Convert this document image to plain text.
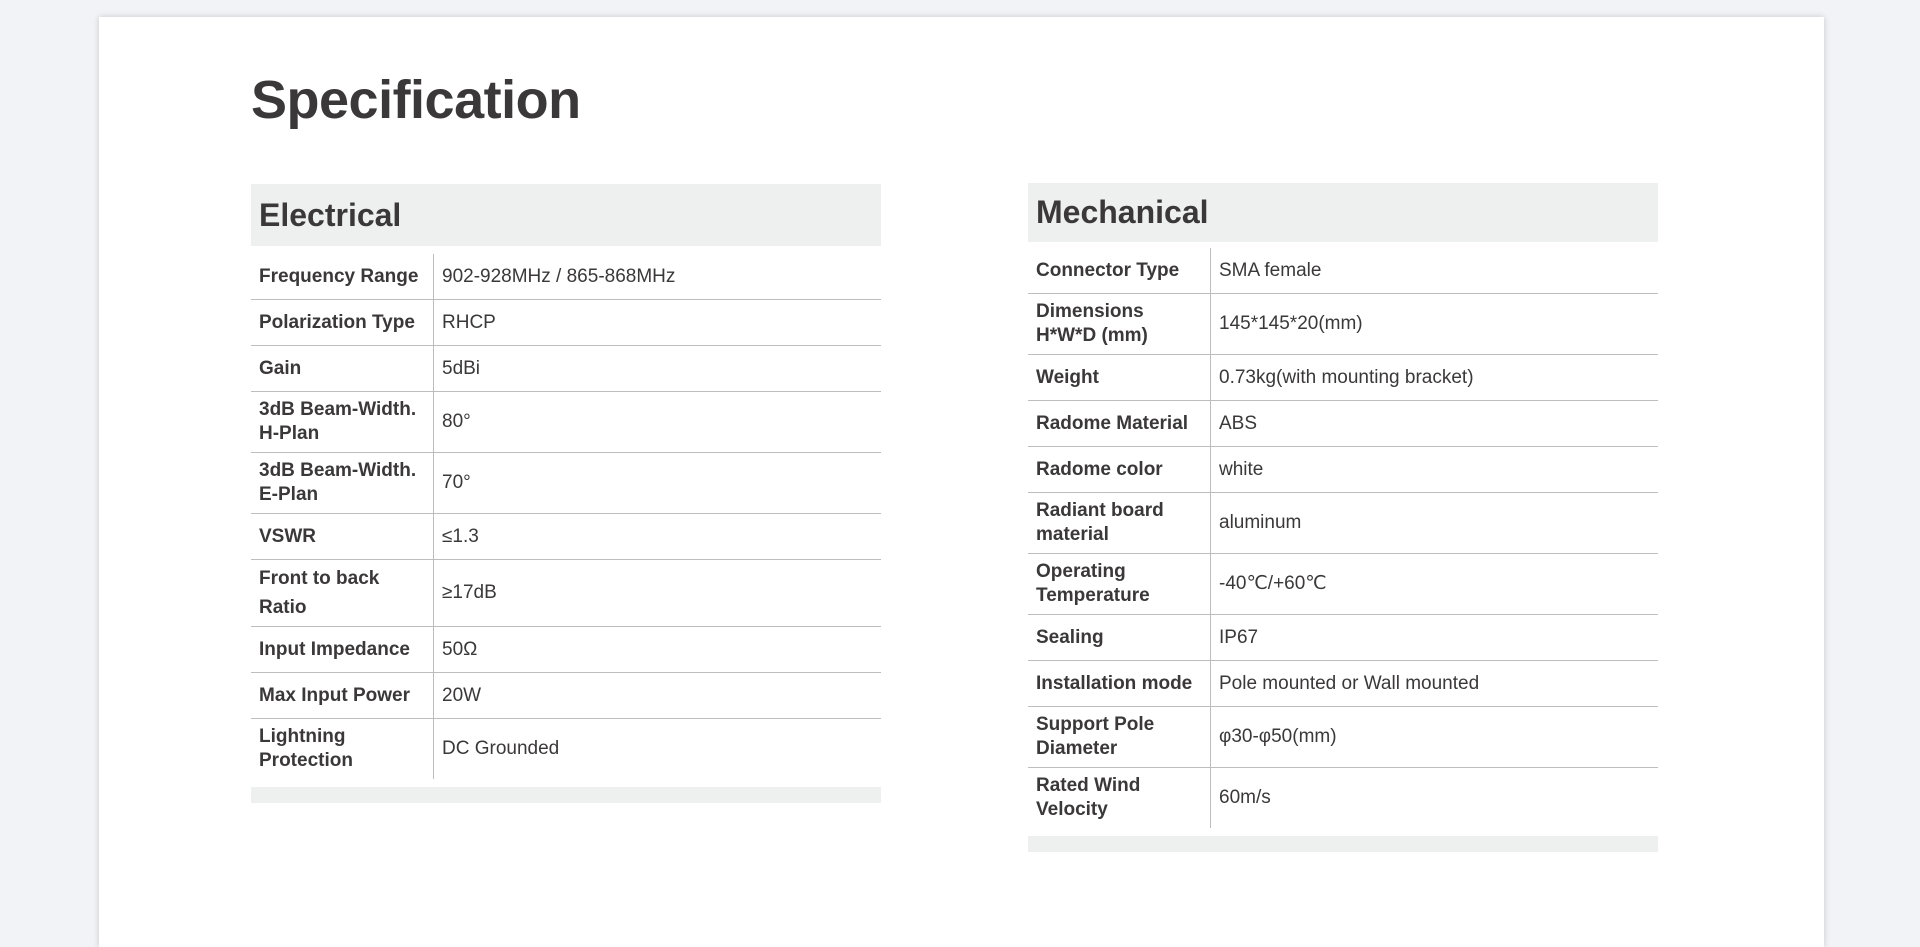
Specification
Electrical
Frequency Range	902-928MHz / 865-868MHz
Polarization Type	RHCP
Gain	5dBi
3dB Beam-Width. H-Plan	80°
3dB Beam-Width. E-Plan	70°
VSWR	≤1.3
Front to back Ratio	≥17dB
Input Impedance	50Ω
Max Input Power	20W
Lightning Protection	DC Grounded
Mechanical
Connector Type	SMA female
Dimensions H*W*D (mm)	145*145*20(mm)
Weight	0.73kg(with mounting bracket)
Radome Material	ABS
Radome color	white
Radiant board material	aluminum
Operating Temperature	-40℃/+60℃
Sealing	IP67
Installation mode	Pole mounted or Wall mounted
Support Pole Diameter	φ30-φ50(mm)
Rated Wind Velocity	60m/s
